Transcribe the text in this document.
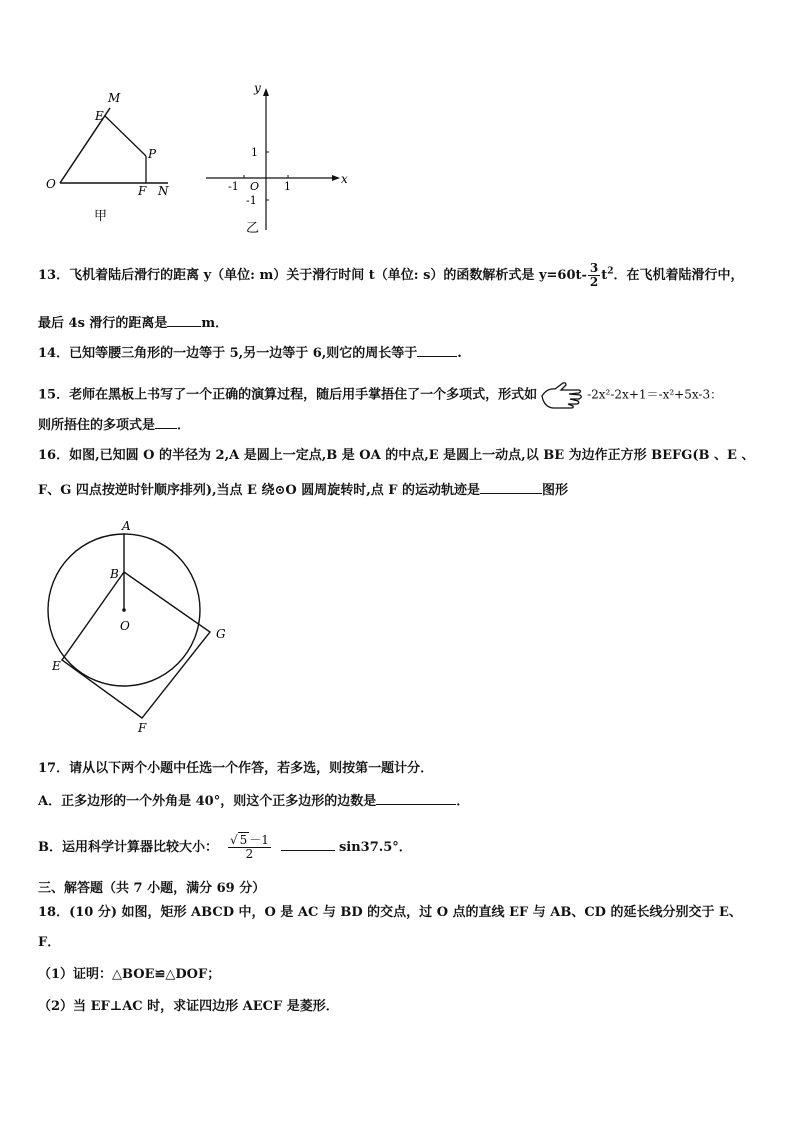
M
E
P
O	F N
甲
y
x
O
1
-1
-1	1
乙
13．飞机着陆后滑行的距离 y（单位: m）关于滑行时间 t（单位: s）的函数解析式是 $y=60t- \frac{3}{2} t^2$．在飞机着陆滑行中，
最后 4s 滑行的距离是	m．
14．已知等腰三角形的一边等于 5,另一边等于 6,则它的周长等于	.
15．老师在黑板上书写了一个正确的演算过程，随后用手掌捂住了一个多项式，形式如	-2x²-2x+1＝-x²+5x-3：
则所捂住的多项式是 ．
16．如图,已知圆 O 的半径为 2,A 是圆上一定点,B 是 OA 的中点,E 是圆上一动点,以 BE 为边作正方形 BEFG(B 、E 、
F、G 四点按逆时针顺序排列),当点 E 绕⊙O 圆周旋转时,点 F 的运动轨迹是	图形
A
B
O
G
E
F
17．请从以下两个小题中任选一个作答，若多选，则按第一题计分．
A．正多边形的一个外角是 40°，则这个正多边形的边数是	．
B．运用科学计算器比较大小： $\frac{√ 5 -1}{2}$	sin37.5°．
三、解答题（共 7 小题，满分 69 分）
18．(10 分) 如图，矩形 ABCD 中，O 是 AC 与 BD 的交点，过 O 点的直线 EF 与 AB、CD 的延长线分别交于 E、
F．
（1）证明：△BOE≌△DOF；
（2）当 EF⊥AC 时，求证四边形 AECF 是菱形．
